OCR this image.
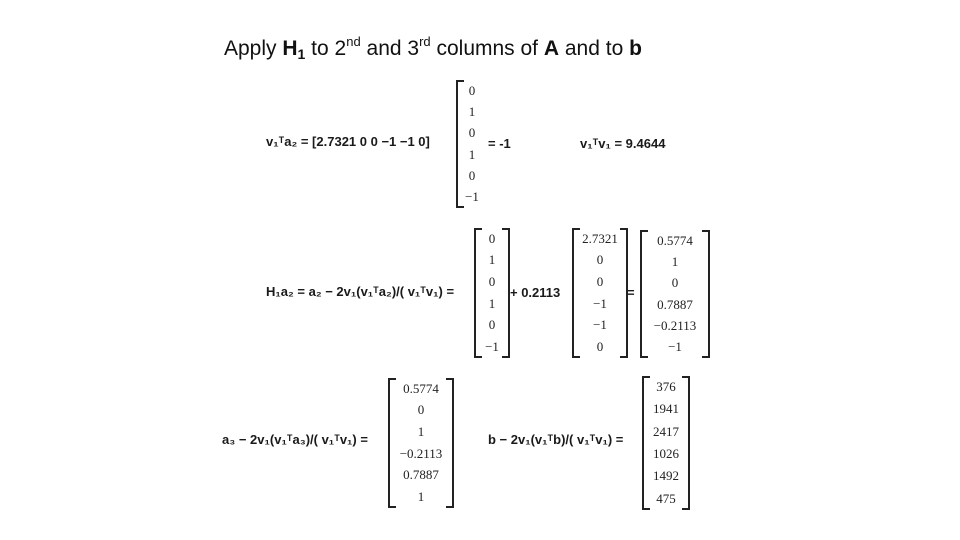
Apply $H_1$ to 2nd and 3rd columns of A and to b
v₁ᵀa₂ = [2.7321 0 0 −1 −1 0]
0
1
0
1
0
−1
= -1	v₁ᵀv₁ = 9.4644
H₁a₂ = a₂ − 2v₁(v₁ᵀa₂)/( v₁ᵀv₁) =
0
1
0
1
0
−1
+ 0.2113
2.7321
0
0
−1
−1
0
=
0.5774
1
0
0.7887
−0.2113
−1
a₃ − 2v₁(v₁ᵀa₃)/( v₁ᵀv₁) =
0.5774
0
1
−0.2113
0.7887
1
b − 2v₁(v₁ᵀb)/( v₁ᵀv₁) =
376
1941
2417
1026
1492
475
